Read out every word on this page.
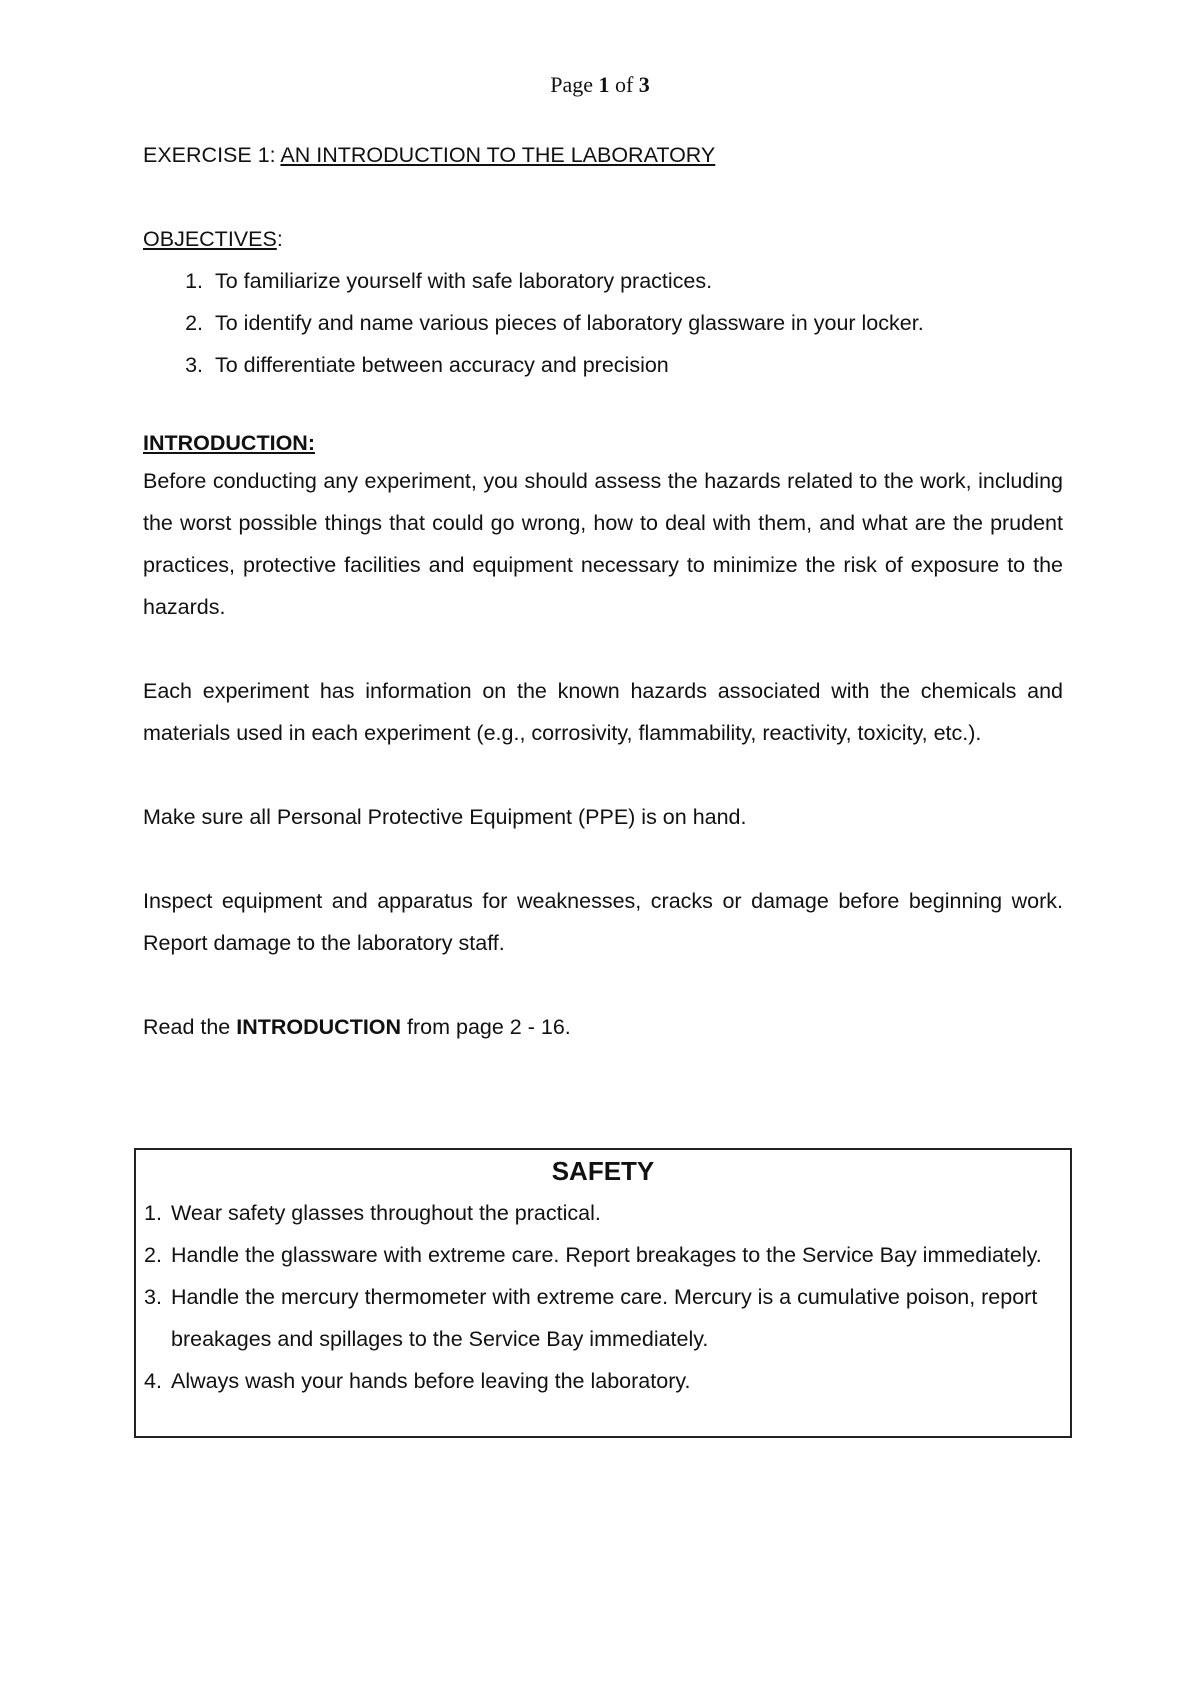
Page 1 of 3

EXERCISE 1: AN INTRODUCTION TO THE LABORATORY

OBJECTIVES:

1. To familiarize yourself with safe laboratory practices.
2. To identify and name various pieces of laboratory glassware in your locker.
3. To differentiate between accuracy and precision

INTRODUCTION:

Before conducting any experiment, you should assess the hazards related to the work, including the worst possible things that could go wrong, how to deal with them, and what are the prudent practices, protective facilities and equipment necessary to minimize the risk of exposure to the hazards.

Each experiment has information on the known hazards associated with the chemicals and materials used in each experiment (e.g., corrosivity, flammability, reactivity, toxicity, etc.).

Make sure all Personal Protective Equipment (PPE) is on hand.

Inspect equipment and apparatus for weaknesses, cracks or damage before beginning work. Report damage to the laboratory staff.

Read the INTRODUCTION from page 2 - 16.

SAFETY
1. Wear safety glasses throughout the practical.
2. Handle the glassware with extreme care. Report breakages to the Service Bay immediately.
3. Handle the mercury thermometer with extreme care. Mercury is a cumulative poison, report breakages and spillages to the Service Bay immediately.
4. Always wash your hands before leaving the laboratory.
